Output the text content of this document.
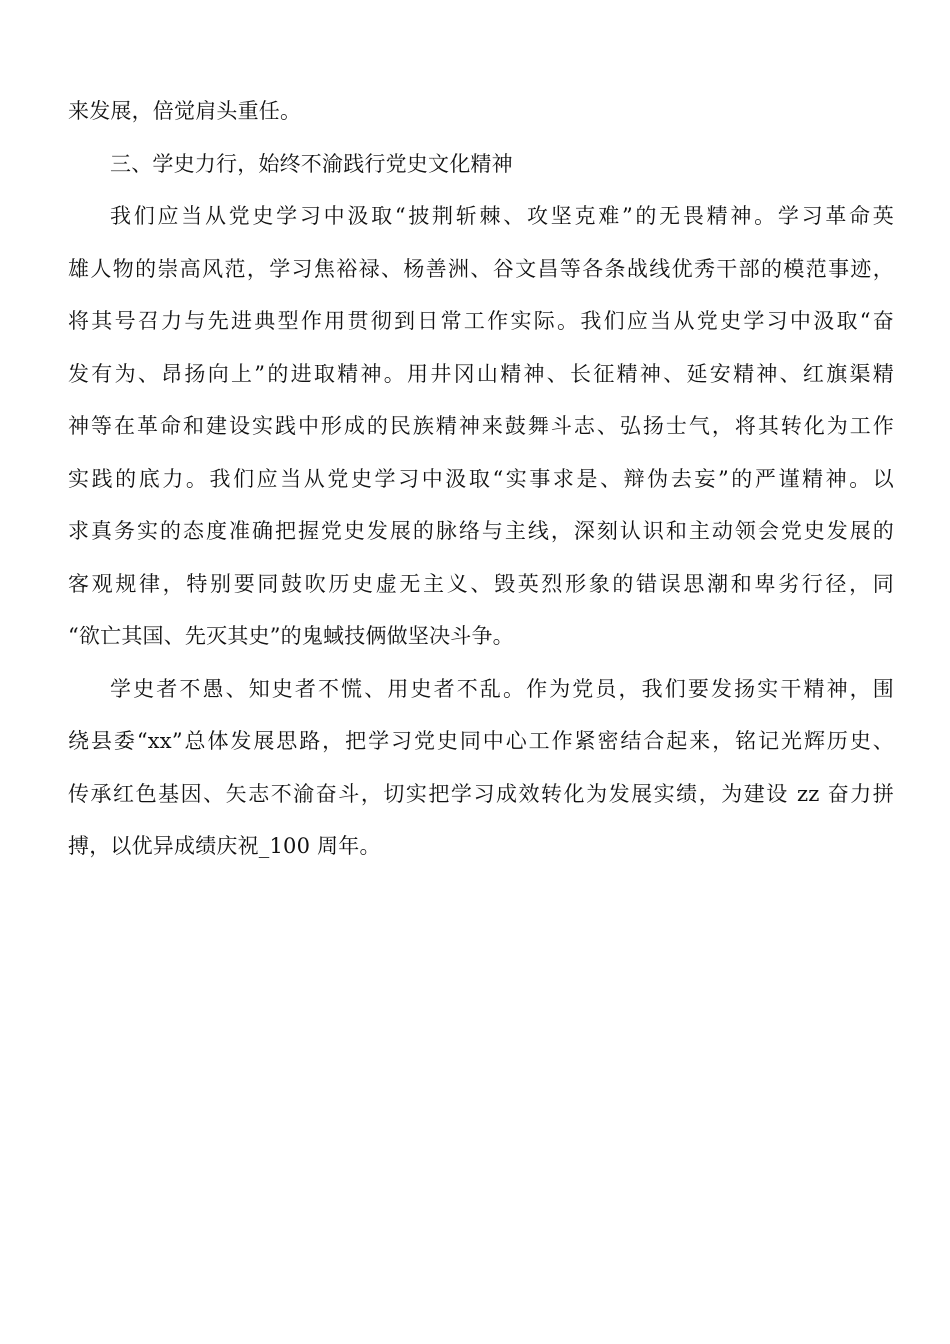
来发展，倍觉肩头重任。
三、学史力行，始终不渝践行党史文化精神
我们应当从党史学习中汲取“披荆斩棘、攻坚克难”的无畏精神。学习革命英
雄人物的崇高风范，学习焦裕禄、杨善洲、谷文昌等各条战线优秀干部的模范事迹，
将其号召力与先进典型作用贯彻到日常工作实际。我们应当从党史学习中汲取“奋
发有为、昂扬向上”的进取精神。用井冈山精神、长征精神、延安精神、红旗渠精
神等在革命和建设实践中形成的民族精神来鼓舞斗志、弘扬士气，将其转化为工作
实践的底力。我们应当从党史学习中汲取“实事求是、辩伪去妄”的严谨精神。以
求真务实的态度准确把握党史发展的脉络与主线，深刻认识和主动领会党史发展的
客观规律，特别要同鼓吹历史虚无主义、毁英烈形象的错误思潮和卑劣行径，同
“欲亡其国、先灭其史”的鬼蜮技俩做坚决斗争。
学史者不愚、知史者不慌、用史者不乱。作为党员，我们要发扬实干精神，围
绕县委“xx”总体发展思路，把学习党史同中心工作紧密结合起来，铭记光辉历史、
传承红色基因、矢志不渝奋斗，切实把学习成效转化为发展实绩，为建设 zz 奋力拼
搏，以优异成绩庆祝_100 周年。
